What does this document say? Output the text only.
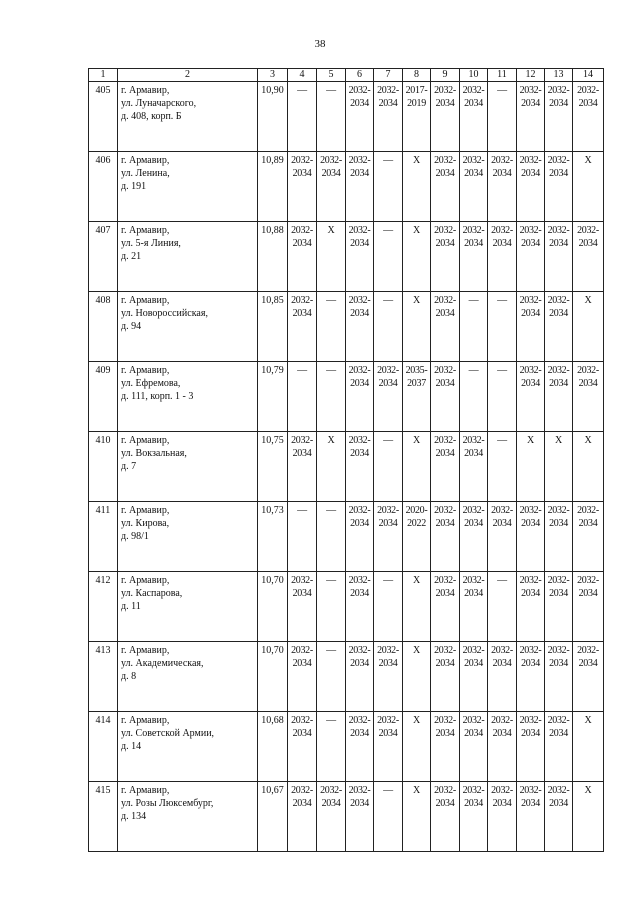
38
1	2	3	4	5	6	7	8	9	10	11	12	13	14
405	г. Армавир,
ул. Луначарского,
д. 408, корп. Б	10,90	—	—	2032-
2034	2032-
2034	2017-
2019	2032-
2034	2032-
2034	—	2032-
2034	2032-
2034	2032-
2034

406	г. Армавир,
ул. Ленина,
д. 191	10,89	2032-
2034	2032-
2034	2032-
2034	—	X	2032-
2034	2032-
2034	2032-
2034	2032-
2034	2032-
2034	X

407	г. Армавир,
ул. 5-я Линия,
д. 21	10,88	2032-
2034	X	2032-
2034	—	X	2032-
2034	2032-
2034	2032-
2034	2032-
2034	2032-
2034	2032-
2034

408	г. Армавир,
ул. Новороссийская,
д. 94	10,85	2032-
2034	—	2032-
2034	—	X	2032-
2034	—	—	2032-
2034	2032-
2034	X

409	г. Армавир,
ул. Ефремова,
д. 111, корп. 1 - 3	10,79	—	—	2032-
2034	2032-
2034	2035-
2037	2032-
2034	—	—	2032-
2034	2032-
2034	2032-
2034

410	г. Армавир,
ул. Вокзальная,
д. 7	10,75	2032-
2034	X	2032-
2034	—	X	2032-
2034	2032-
2034	—	X	X	X

411	г. Армавир,
ул. Кирова,
д. 98/1	10,73	—	—	2032-
2034	2032-
2034	2020-
2022	2032-
2034	2032-
2034	2032-
2034	2032-
2034	2032-
2034	2032-
2034

412	г. Армавир,
ул. Каспарова,
д. 11	10,70	2032-
2034	—	2032-
2034	—	X	2032-
2034	2032-
2034	—	2032-
2034	2032-
2034	2032-
2034

413	г. Армавир,
ул. Академическая,
д. 8	10,70	2032-
2034	—	2032-
2034	2032-
2034	X	2032-
2034	2032-
2034	2032-
2034	2032-
2034	2032-
2034	2032-
2034

414	г. Армавир,
ул. Советской Армии,
д. 14	10,68	2032-
2034	—	2032-
2034	2032-
2034	X	2032-
2034	2032-
2034	2032-
2034	2032-
2034	2032-
2034	X

415	г. Армавир,
ул. Розы Люксембург,
д. 134	10,67	2032-
2034	2032-
2034	2032-
2034	—	X	2032-
2034	2032-
2034	2032-
2034	2032-
2034	2032-
2034	X
